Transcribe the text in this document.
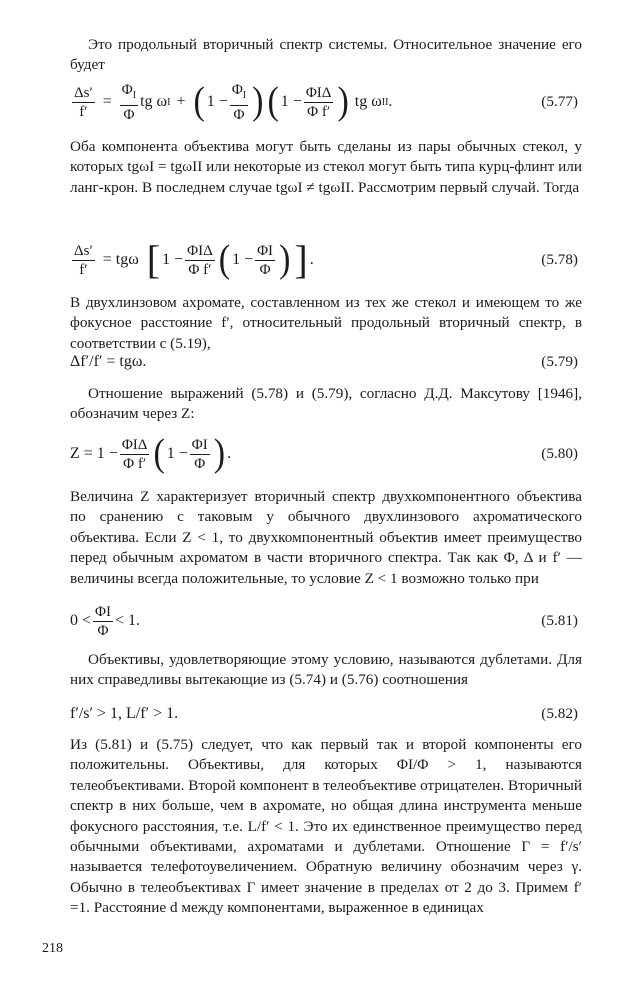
Это продольный вторичный спектр системы. Относительное значение его будет

$\frac{\Delta s'}{f'} = \frac{\Phi_I}{\Phi}$ tg ω I + ( $1 - \frac{\Phi_I}{\Phi}$ ) ( $1 - \frac{\text{ΦIΔ}}{\text{Φ f′}}$ ) tg ω II .	(5.77)

Оба компонента объектива могут быть сделаны из пары обычных стекол, у которых tgωI = tgωII или некоторые из стекол могут быть типа курц-флинт или ланг-крон. В последнем случае tgωI ≠ tgωII. Рассмотрим первый случай. Тогда

$\frac{\Delta s'}{f'} = tg\omega$ [ $1 - \frac{\text{ΦIΔ}}{\text{Φ f′}}$ ( $1 - \frac{\Phi I}{\Phi}$ ) ] .	(5.78)

В двухлинзовом ахромате, составленном из тех же стекол и имеющем то же фокусное расстояние f′, относительный продольный вторичный спектр, в соответствии с (5.19),

Δf′/f′ = tgω.	(5.79)

Отношение выражений (5.78) и (5.79), согласно Д.Д. Максутову [1946], обозначим через Z:

$Z = 1 - \frac{\text{ΦIΔ}}{\text{Φ f′}}$ ( $1 - \frac{\Phi I}{\Phi}$ ) .	(5.80)

Величина Z характеризует вторичный спектр двухкомпонентного объектива по сранению с таковым у обычного двухлинзового ахроматического объектива. Если Z < 1, то двухкомпонентный объектив имеет преимущество перед обычным ахроматом в части вторичного спектра. Так как Φ, Δ и f′ — величины всегда положительные, то условие Z < 1 возможно только при

$0 < \frac{\Phi I}{\Phi} < 1$.	(5.81)

Объективы, удовлетворяющие этому условию, называются дублетами. Для них справедливы вытекающие из (5.74) и (5.76) соотношения

f′/s′ > 1, L/f′ > 1.	(5.82)

Из (5.81) и (5.75) следует, что как первый так и второй компоненты его положительны. Объективы, для которых ΦI/Φ > 1, называются телеобъективами. Второй компонент в телеобъективе отрицателен. Вторичный спектр в них больше, чем в ахромате, но общая длина инструмента меньше фокусного расстояния, т.е. L/f′ < 1. Это их единственное преимущество перед обычными объективами, ахроматами и дублетами. Отношение Γ = f′/s′ называется телефотоувеличением. Обратную величину обозначим через γ. Обычно в телеобъективах Γ имеет значение в пределах от 2 до 3. Примем f′ =1. Расстояние d между компонентами, выраженное в единицах

218
